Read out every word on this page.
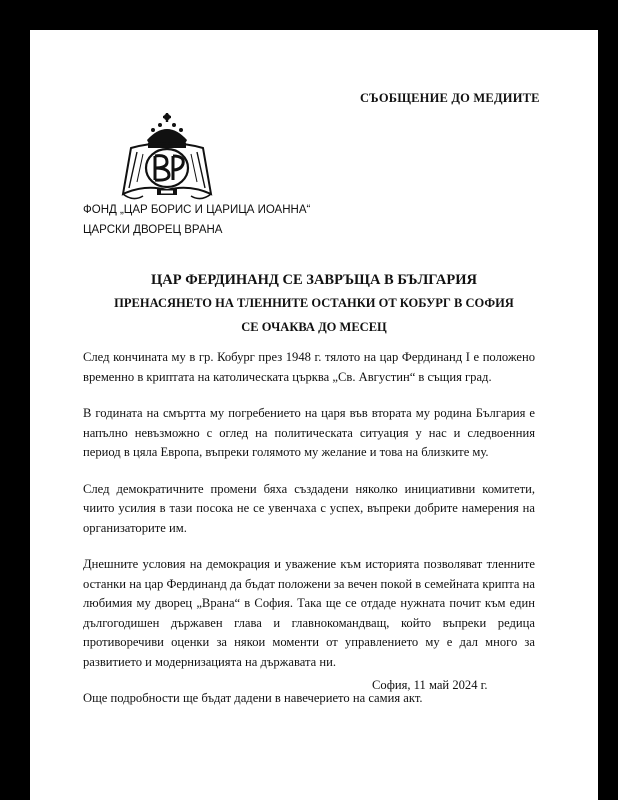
СЪОБЩЕНИЕ ДО МЕДИИТЕ
ФОНД „ЦАР БОРИС И ЦАРИЦА ИОАННА“
ЦАРСКИ ДВОРЕЦ ВРАНА
ЦАР ФЕРДИНАНД СЕ ЗАВРЪЩА В БЪЛГАРИЯ
ПРЕНАСЯНЕТО НА ТЛЕННИТЕ ОСТАНКИ ОТ КОБУРГ В СОФИЯ
СЕ ОЧАКВА ДО МЕСЕЦ

След кончината му в гр. Кобург през 1948 г. тялото на цар Фердинанд I е положено временно в криптата на католическата църква „Св. Августин“ в същия град.

В годината на смъртта му погребението на царя във втората му родина България е напълно невъзможно с оглед на политическата ситуация у нас и следвоенния период в цяла Европа, въпреки голямото му желание и това на близките му.

След демократичните промени бяха създадени няколко инициативни комитети, чиито усилия в тази посока не се увенчаха с успех, въпреки добрите намерения на организаторите им.

Днешните условия на демокрация и уважение към историята позволяват тленните останки на цар Фердинанд да бъдат положени за вечен покой в семейната крипта на любимия му дворец „Врана“ в София. Така ще се отдаде нужната почит към един дългогодишен държавен глава и главнокомандващ, който въпреки редица противоречиви оценки за някои моменти от управлението му е дал много за развитието и модернизацията на държавата ни.

Още подробности ще бъдат дадени в навечерието на самия акт.

София, 11 май 2024 г.
